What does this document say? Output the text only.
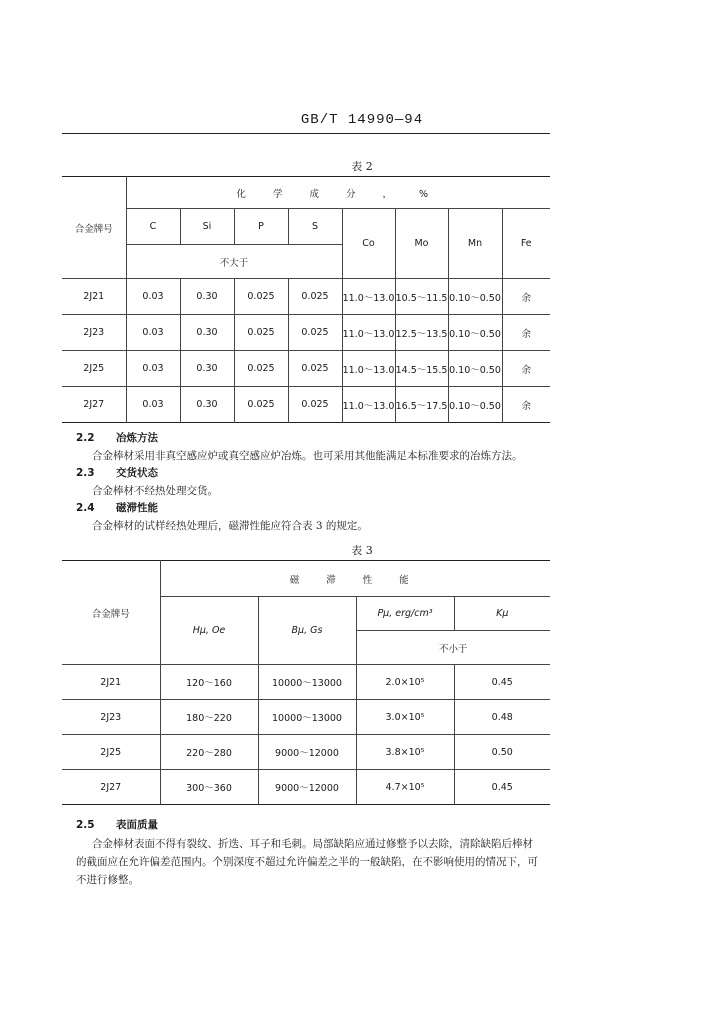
GB/T 14990—94
表 2
合金牌号	化 学 成 分 ， %							
	C	Si	P	S	Co	Mo	Mn	Fe
	不大于							
2J21	0.03	0.30	0.025	0.025	11.0～13.0	10.5～11.5	0.10～0.50	余
2J23	0.03	0.30	0.025	0.025	11.0～13.0	12.5～13.5	0.10～0.50	余
2J25	0.03	0.30	0.025	0.025	11.0～13.0	14.5～15.5	0.10～0.50	余
2J27	0.03	0.30	0.025	0.025	11.0～13.0	16.5～17.5	0.10～0.50	余
2.2 冶炼方法
合金棒材采用非真空感应炉或真空感应炉冶炼。也可采用其他能满足本标准要求的冶炼方法。
2.3 交货状态
合金棒材不经热处理交货。
2.4 磁滞性能
合金棒材的试样经热处理后，磁滞性能应符合表 3 的规定。
表 3
合金牌号	磁 滞 性 能			
	Hμ, Oe	Bμ, Gs	Pμ, erg/cm³	Kμ
			不小于	
2J21	120～160	10000～13000	2.0×10⁵	0.45
2J23	180～220	10000～13000	3.0×10⁵	0.48
2J25	220～280	9000～12000	3.8×10⁵	0.50
2J27	300～360	9000～12000	4.7×10⁵	0.45
2.5 表面质量
合金棒材表面不得有裂纹、折迭、耳子和毛刺。局部缺陷应通过修整予以去除，清除缺陷后棒材
的截面应在允许偏差范围内。个别深度不超过允许偏差之半的一般缺陷，在不影响使用的情况下，可
不进行修整。
